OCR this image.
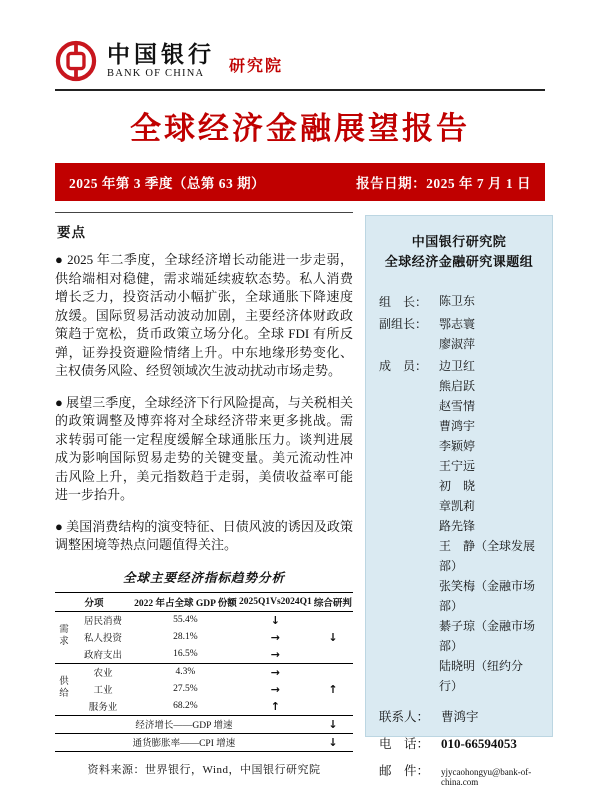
中国银行
BANK OF CHINA	研究院
全球经济金融展望报告
2025 年第 3 季度（总第 63 期）	报告日期：2025 年 7 月 1 日
要点

● 2025 年二季度，全球经济增长动能进一步走弱，供给端相对稳健，需求端延续疲软态势。私人消费增长乏力，投资活动小幅扩张，全球通胀下降速度放缓。国际贸易活动波动加剧，主要经济体财政政策趋于宽松，货币政策立场分化。全球 FDI 有所反弹，证券投资避险情绪上升。中东地缘形势变化、主权债务风险、经贸领域次生波动扰动市场走势。

● 展望三季度，全球经济下行风险提高，与关税相关的政策调整及博弈将对全球经济带来更多挑战。需求转弱可能一定程度缓解全球通胀压力。谈判进展成为影响国际贸易走势的关键变量。美元流动性冲击风险上升，美元指数趋于走弱，美债收益率可能进一步抬升。

● 美国消费结构的演变特征、日债风波的诱因及政策调整困境等热点问题值得关注。

全球主要经济指标趋势分析
分项		2022 年占全球 GDP 份额	2025Q1Vs2024Q1	综合研判
需求	居民消费	55.4%	↓	↓
	私人投资	28.1%	→	
	政府支出	16.5%	→	
供给	农业	4.3%	→	↑
	工业	27.5%	→	
	服务业	68.2%	↑	
经济增长——GDP 增速				↓
通货膨胀率——CPI 增速				↓
资料来源：世界银行，Wind，中国银行研究院
中国银行研究院
全球经济金融研究课题组
组　长： 陈卫东
副组长： 鄂志寰
廖淑萍
成　员： 边卫红
熊启跃
赵雪情
曹鸿宇
李颖婷
王宁远
初　晓
章凯莉
路先锋
王　静（全球发展部）
张笑梅（金融市场部）
綦子琼（金融市场部）
陆晓明（纽约分行）
联系人： 曹鸿宇
电　话： 010-66594053
邮　件：	yjycaohongyu@bank-of-china.com
